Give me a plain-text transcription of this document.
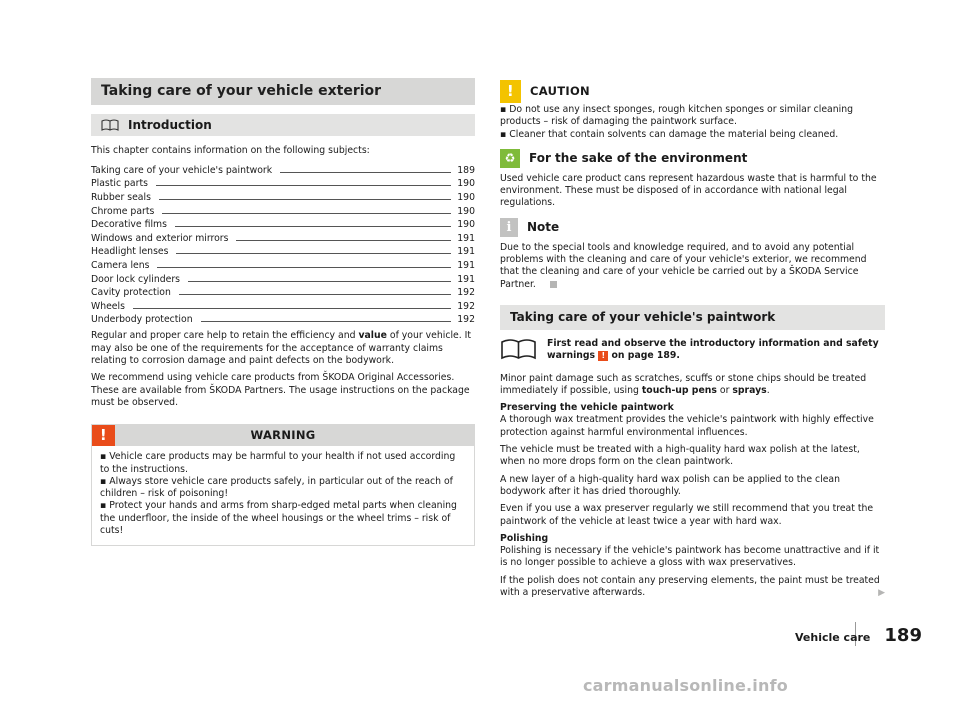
Taking care of your vehicle exterior
Introduction

This chapter contains information on the following subjects:

Taking care of your vehicle's paintwork	189
Plastic parts	190
Rubber seals	190
Chrome parts	190
Decorative films	190
Windows and exterior mirrors	191
Headlight lenses	191
Camera lens	191
Door lock cylinders	191
Cavity protection	192
Wheels	192
Underbody protection	192

Regular and proper care help to retain the efficiency and value of your vehicle. It may also be one of the requirements for the acceptance of warranty claims relating to corrosion damage and paint defects on the bodywork.

We recommend using vehicle care products from ŠKODA Original Accessories. These are available from ŠKODA Partners. The usage instructions on the package must be observed.

!	WARNING

▪ Vehicle care products may be harmful to your health if not used according to the instructions.

▪ Always store vehicle care products safely, in particular out of the reach of children – risk of poisoning!

▪ Protect your hands and arms from sharp-edged metal parts when cleaning the underfloor, the inside of the wheel housings or the wheel trims – risk of cuts!

!	CAUTION

▪ Do not use any insect sponges, rough kitchen sponges or similar cleaning products – risk of damaging the paintwork surface.

▪ Cleaner that contain solvents can damage the material being cleaned.

♻	For the sake of the environment

Used vehicle care product cans represent hazardous waste that is harmful to the environment. These must be disposed of in accordance with national legal regulations.

i	Note

Due to the special tools and knowledge required, and to avoid any potential problems with the cleaning and care of your vehicle's exterior, we recommend that the cleaning and care of your vehicle be carried out by a ŠKODA Service Partner.

Taking care of your vehicle's paintwork

First read and observe the introductory information and safety warnings ! on page 189.

Minor paint damage such as scratches, scuffs or stone chips should be treated immediately if possible, using touch-up pens or sprays.

Preserving the vehicle paintwork

A thorough wax treatment provides the vehicle's paintwork with highly effective protection against harmful environmental influences.

The vehicle must be treated with a high-quality hard wax polish at the latest, when no more drops form on the clean paintwork.

A new layer of a high-quality hard wax polish can be applied to the clean bodywork after it has dried thoroughly.

Even if you use a wax preserver regularly we still recommend that you treat the paintwork of the vehicle at least twice a year with hard wax.

Polishing

Polishing is necessary if the vehicle's paintwork has become unattractive and if it is no longer possible to achieve a gloss with wax preservatives.

If the polish does not contain any preserving elements, the paint must be treated with a preservative afterwards.	▶

Vehicle care 189
carmanualsonline.info
